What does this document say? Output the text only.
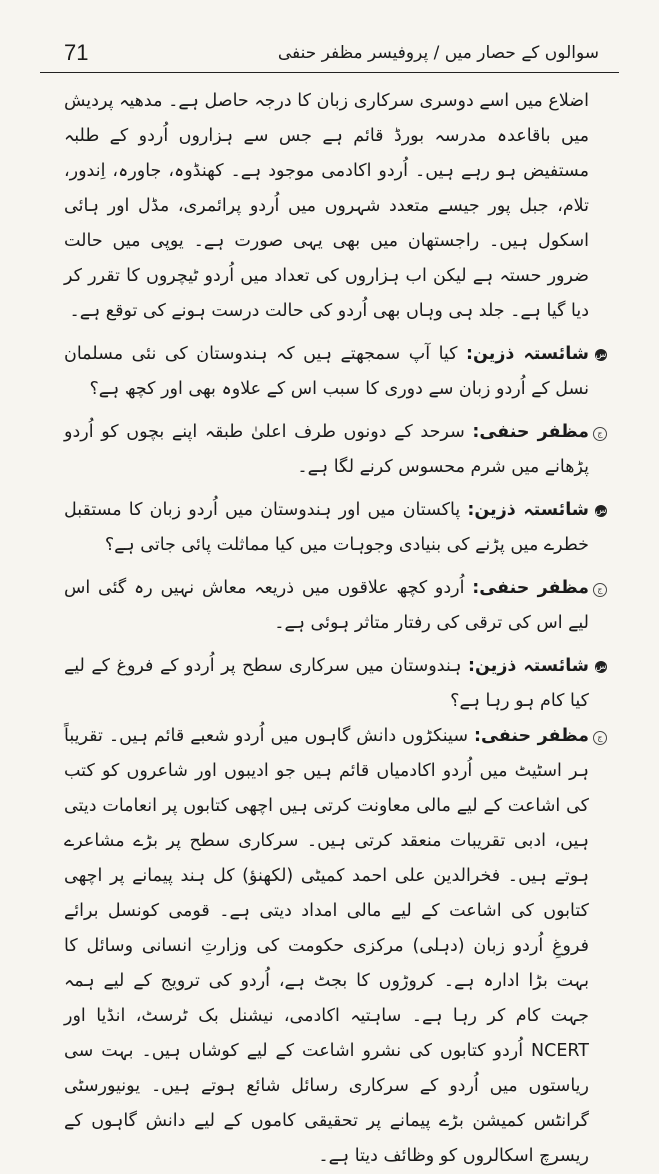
71	سوالوں کے حصار میں / پروفیسر مظفر حنفی

اضلاع میں اسے دوسری سرکاری زبان کا درجہ حاصل ہے۔ مدھیہ پردیش میں باقاعدہ مدرسہ بورڈ قائم ہے جس سے ہزاروں اُردو کے طلبہ مستفیض ہو رہے ہیں۔ اُردو اکادمی موجود ہے۔ کھنڈوہ، جاورہ، اِندور، تلام، جبل پور جیسے متعدد شہروں میں اُردو پرائمری، مڈل اور ہائی اسکول ہیں۔ راجستھان میں بھی یہی صورت ہے۔ یوپی میں حالت ضرور حستہ ہے لیکن اب ہزاروں کی تعداد میں اُردو ٹیچروں کا تقرر کر دیا گیا ہے۔ جلد ہی وہاں بھی اُردو کی حالت درست ہونے کی توقع ہے۔

س
شائستہ ذزین: کیا آپ سمجھتے ہیں کہ ہندوستان کی نئی مسلمان نسل کے اُردو زبان سے دوری کا سبب اس کے علاوہ بھی اور کچھ ہے؟

ج
مظفر حنفی: سرحد کے دونوں طرف اعلیٰ طبقہ اپنے بچوں کو اُردو پڑھانے میں شرم محسوس کرنے لگا ہے۔

س
شائستہ ذزین: پاکستان میں اور ہندوستان میں اُردو زبان کا مستقبل خطرے میں پڑنے کی بنیادی وجوہات میں کیا مماثلت پائی جاتی ہے؟

ج
مظفر حنفی: اُردو کچھ علاقوں میں ذریعہ معاش نہیں رہ گئی اس لیے اس کی ترقی کی رفتار متاثر ہوئی ہے۔

س
شائستہ ذزین: ہندوستان میں سرکاری سطح پر اُردو کے فروغ کے لیے کیا کام ہو رہا ہے؟

ج
مظفر حنفی: سینکڑوں دانش گاہوں میں اُردو شعبے قائم ہیں۔ تقریباً ہر اسٹیٹ میں اُردو اکادمیاں قائم ہیں جو ادیبوں اور شاعروں کو کتب کی اشاعت کے لیے مالی معاونت کرتی ہیں اچھی کتابوں پر انعامات دیتی ہیں، ادبی تقریبات منعقد کرتی ہیں۔ سرکاری سطح پر بڑے مشاعرے ہوتے ہیں۔ فخرالدین علی احمد کمیٹی (لکھنؤ) کل ہند پیمانے پر اچھی کتابوں کی اشاعت کے لیے مالی امداد دیتی ہے۔ قومی کونسل برائے فروغِ اُردو زبان (دہلی) مرکزی حکومت کی وزارتِ انسانی وسائل کا بہت بڑا ادارہ ہے۔ کروڑوں کا بجٹ ہے، اُردو کی ترویج کے لیے ہمہ جہت کام کر رہا ہے۔ ساہتیہ اکادمی، نیشنل بک ٹرسٹ، انڈیا اور NCERT اُردو کتابوں کی نشرو اشاعت کے لیے کوشاں ہیں۔ بہت سی ریاستوں میں اُردو کے سرکاری رسائل شائع ہوتے ہیں۔ یونیورسٹی گرانٹس کمیشن بڑے پیمانے پر تحقیقی کاموں کے لیے دانش گاہوں کے ریسرچ اسکالروں کو وظائف دیتا ہے۔
